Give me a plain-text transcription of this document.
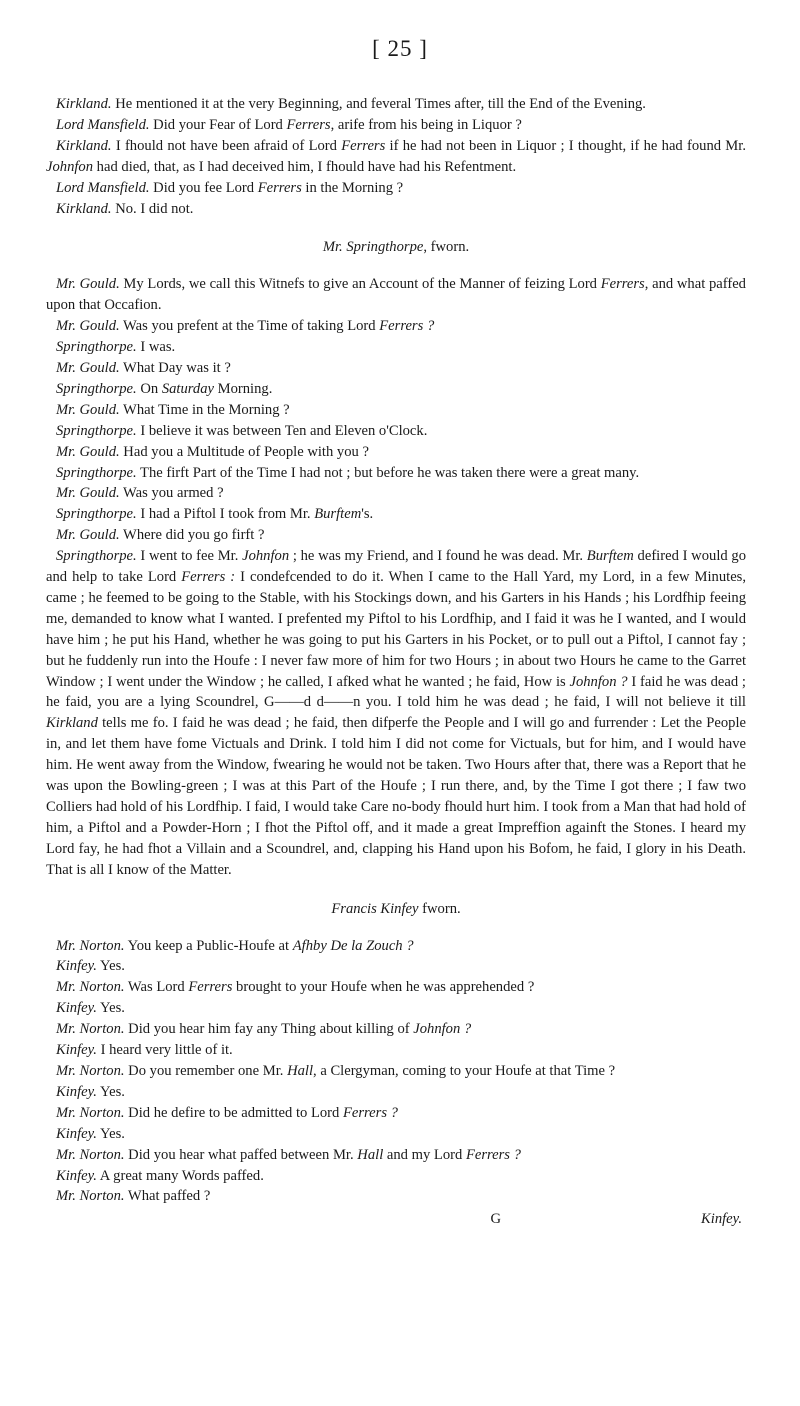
[ 25 ]

Kirkland. He mentioned it at the very Beginning, and feveral Times after, till the End of the Evening.

Lord Mansfield. Did your Fear of Lord Ferrers, arife from his being in Liquor ?

Kirkland. I fhould not have been afraid of Lord Ferrers if he had not been in Liquor ; I thought, if he had found Mr. Johnfon had died, that, as I had deceived him, I fhould have had his Refentment.

Lord Mansfield. Did you fee Lord Ferrers in the Morning ?

Kirkland. No. I did not.

Mr. Springthorpe, fworn.

Mr. Gould. My Lords, we call this Witnefs to give an Account of the Manner of feizing Lord Ferrers, and what paffed upon that Occafion.

Mr. Gould. Was you prefent at the Time of taking Lord Ferrers ?

Springthorpe. I was.

Mr. Gould. What Day was it ?

Springthorpe. On Saturday Morning.

Mr. Gould. What Time in the Morning ?

Springthorpe. I believe it was between Ten and Eleven o'Clock.

Mr. Gould. Had you a Multitude of People with you ?

Springthorpe. The firft Part of the Time I had not ; but before he was taken there were a great many.

Mr. Gould. Was you armed ?

Springthorpe. I had a Piftol I took from Mr. Burftem's.

Mr. Gould. Where did you go firft ?

Springthorpe. I went to fee Mr. Johnfon ; he was my Friend, and I found he was dead. Mr. Burftem defired I would go and help to take Lord Ferrers : I condefcended to do it. When I came to the Hall Yard, my Lord, in a few Minutes, came ; he feemed to be going to the Stable, with his Stockings down, and his Garters in his Hands ; his Lordfhip feeing me, demanded to know what I wanted. I prefented my Piftol to his Lordfhip, and I faid it was he I wanted, and I would have him ; he put his Hand, whether he was going to put his Garters in his Pocket, or to pull out a Piftol, I cannot fay ; but he fuddenly run into the Houfe : I never faw more of him for two Hours ; in about two Hours he came to the Garret Window ; I went under the Window ; he called, I afked what he wanted ; he faid, How is Johnfon ? I faid he was dead ; he faid, you are a lying Scoundrel, G——d d——n you. I told him he was dead ; he faid, I will not believe it till Kirkland tells me fo. I faid he was dead ; he faid, then difperfe the People and I will go and furrender : Let the People in, and let them have fome Victuals and Drink. I told him I did not come for Victuals, but for him, and I would have him. He went away from the Window, fwearing he would not be taken. Two Hours after that, there was a Report that he was upon the Bowling-green ; I was at this Part of the Houfe ; I run there, and, by the Time I got there ; I faw two Colliers had hold of his Lordfhip. I faid, I would take Care no-body fhould hurt him. I took from a Man that had hold of him, a Piftol and a Powder-Horn ; I fhot the Piftol off, and it made a great Impreffion againft the Stones. I heard my Lord fay, he had fhot a Villain and a Scoundrel, and, clapping his Hand upon his Bofom, he faid, I glory in his Death. That is all I know of the Matter.

Francis Kinfey fworn.

Mr. Norton. You keep a Public-Houfe at Afhby De la Zouch ?

Kinfey. Yes.

Mr. Norton. Was Lord Ferrers brought to your Houfe when he was apprehended ?

Kinfey. Yes.

Mr. Norton. Did you hear him fay any Thing about killing of Johnfon ?

Kinfey. I heard very little of it.

Mr. Norton. Do you remember one Mr. Hall, a Clergyman, coming to your Houfe at that Time ?

Kinfey. Yes.

Mr. Norton. Did he defire to be admitted to Lord Ferrers ?

Kinfey. Yes.

Mr. Norton. Did you hear what paffed between Mr. Hall and my Lord Ferrers ?

Kinfey. A great many Words paffed.

Mr. Norton. What paffed ?

G	Kinfey.
